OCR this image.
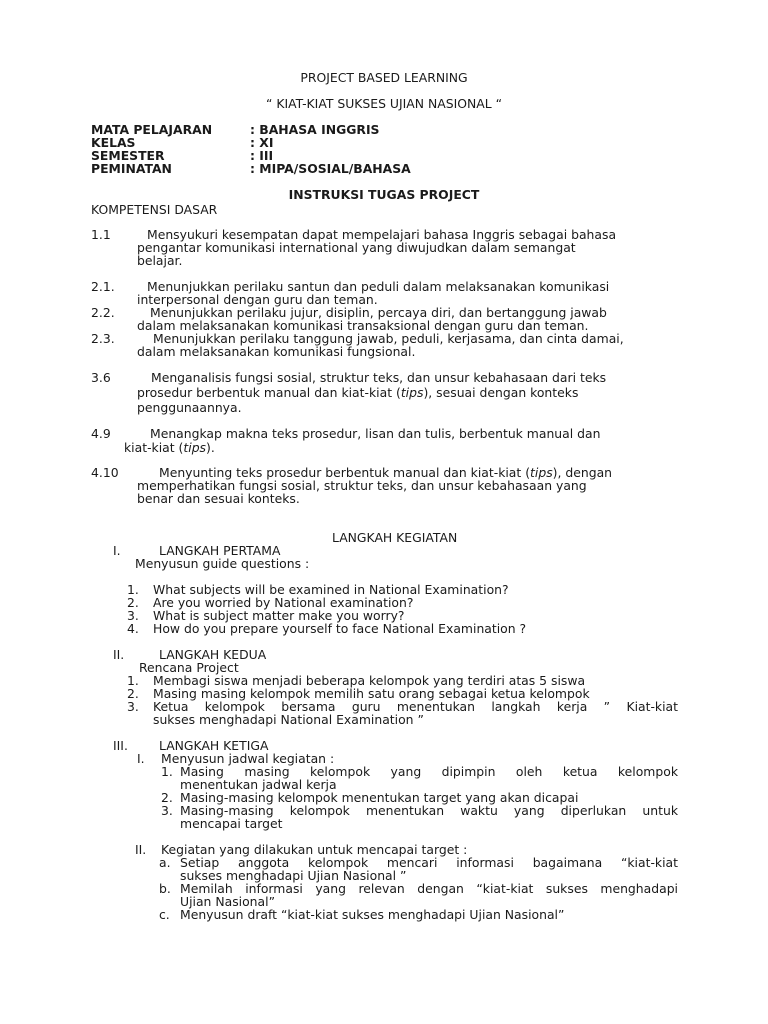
PROJECT BASED LEARNING
“ KIAT-KIAT SUKSES UJIAN NASIONAL “
MATA PELAJARAN	: BAHASA INGGRIS
KELAS	: XI
SEMESTER	: III
PEMINATAN	: MIPA/SOSIAL/BAHASA
INSTRUKSI TUGAS PROJECT
KOMPETENSI DASAR
1.1	Mensyukuri kesempatan dapat mempelajari bahasa Inggris sebagai bahasa
pengantar komunikasi international yang diwujudkan dalam semangat
belajar.
2.1.	Menunjukkan perilaku santun dan peduli dalam melaksanakan komunikasi
interpersonal dengan guru dan teman.
2.2.	Menunjukkan perilaku jujur, disiplin, percaya diri, dan bertanggung jawab
dalam melaksanakan komunikasi transaksional dengan guru dan teman.
2.3.	Menunjukkan perilaku tanggung jawab, peduli, kerjasama, dan cinta damai,
dalam melaksanakan komunikasi fungsional.
3.6	Menganalisis fungsi sosial, struktur teks, dan unsur kebahasaan dari teks
prosedur berbentuk manual dan kiat-kiat (tips), sesuai dengan konteks
penggunaannya.
4.9	Menangkap makna teks prosedur, lisan dan tulis, berbentuk manual dan
kiat-kiat (tips).
4.10	Menyunting teks prosedur berbentuk manual dan kiat-kiat (tips), dengan
memperhatikan fungsi sosial, struktur teks, dan unsur kebahasaan yang
benar dan sesuai konteks.
LANGKAH KEGIATAN
I.	LANGKAH PERTAMA
Menyusun guide questions :
1. What subjects will be examined in National Examination?
2. Are you worried by National examination?
3. What is subject matter make you worry?
4. How do you prepare yourself to face National Examination ?
II.	LANGKAH KEDUA
Rencana Project
1. Membagi siswa menjadi beberapa kelompok yang terdiri atas 5 siswa
2. Masing masing kelompok memilih satu orang sebagai ketua kelompok
3. Ketua kelompok bersama guru menentukan langkah kerja ” Kiat-kiat
sukses menghadapi National Examination ”
III.	LANGKAH KETIGA
I. Menyusun jadwal kegiatan :
1. Masing masing kelompok yang dipimpin oleh ketua kelompok
menentukan jadwal kerja
2. Masing-masing kelompok menentukan target yang akan dicapai
3. Masing-masing kelompok menentukan waktu yang diperlukan untuk
mencapai target
II. Kegiatan yang dilakukan untuk mencapai target :
a. Setiap anggota kelompok mencari informasi bagaimana “kiat-kiat
sukses menghadapi Ujian Nasional ”
b. Memilah informasi yang relevan dengan “kiat-kiat sukses menghadapi
Ujian Nasional”
c. Menyusun draft “kiat-kiat sukses menghadapi Ujian Nasional”
